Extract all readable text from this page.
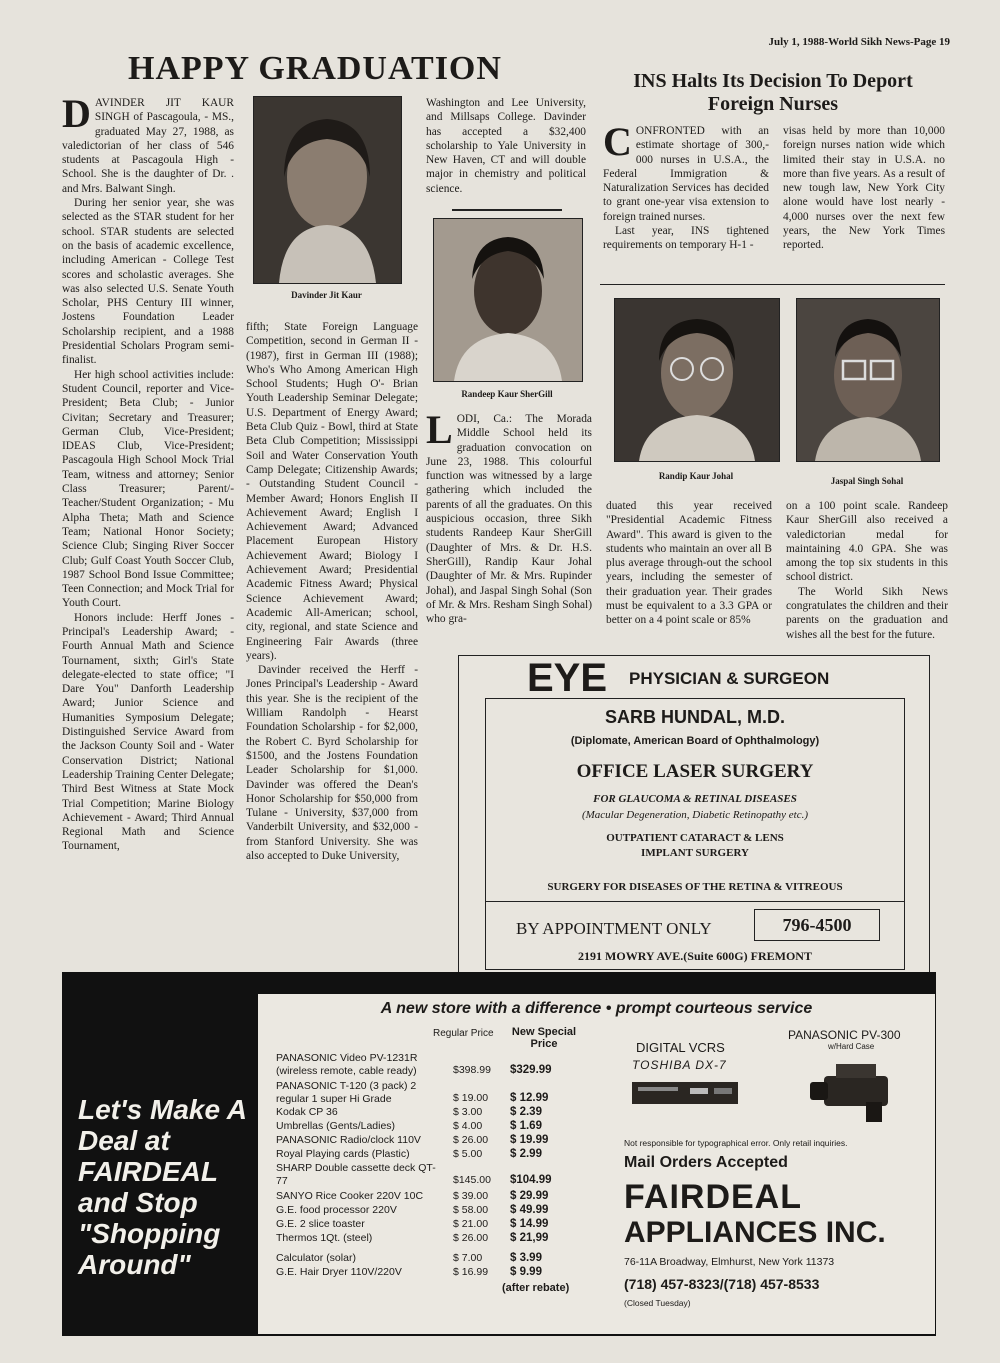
July 1, 1988-World Sikh News-Page 19
HAPPY GRADUATION
D AVINDER JIT KAUR SINGH of Pascagoula, - MS., graduated May 27, 1988, as valedictorian of her class of 546 students at Pascagoula High - School. She is the daughter of Dr. . and Mrs. Balwant Singh.

During her senior year, she was selected as the STAR student for her school. STAR students are selected on the basis of academic excellence, including American - College Test scores and scholastic averages. She was also selected U.S. Senate Youth Scholar, PHS Century III winner, Jostens Foundation Leader Scholarship recipient, and a 1988 Presidential Scholars Program semi-finalist.

Her high school activities include: Student Council, reporter and Vice-President; Beta Club; - Junior Civitan; Secretary and Treasurer; German Club, Vice-President; IDEAS Club, Vice-President; Pascagoula High School Mock Trial Team, witness and attorney; Senior Class Treasurer; Parent/- Teacher/Student Organization; - Mu Alpha Theta; Math and Science Team; National Honor Society; Science Club; Singing River Soccer Club; Gulf Coast Youth Soccer Club, 1987 School Bond Issue Committee; Teen Connection; and Mock Trial for Youth Court.

Honors include: Herff Jones - Principal's Leadership Award; - Fourth Annual Math and Science Tournament, sixth; Girl's State delegate-elected to state office; "I Dare You" Danforth Leadership Award; Junior Science and Humanities Symposium Delegate; Distinguished Service Award from the Jackson County Soil and - Water Conservation District; National Leadership Training Center Delegate; Third Best Witness at State Mock Trial Competition; Marine Biology Achievement - Award; Third Annual Regional Math and Science Tournament,

Davinder Jit Kaur

fifth; State Foreign Language Competition, second in German II - (1987), first in German III (1988); Who's Who Among American High School Students; Hugh O'- Brian Youth Leadership Seminar Delegate; U.S. Department of Energy Award; Beta Club Quiz - Bowl, third at State Beta Club Competition; Mississippi Soil and Water Conservation Youth Camp Delegate; Citizenship Awards; - Outstanding Student Council - Member Award; Honors English II Achievement Award; English I Achievement Award; Advanced Placement European History Achievement Award; Biology I Achievement Award; Presidential Academic Fitness Award; Physical Science Achievement Award; Academic All-American; school, city, regional, and state Science and Engineering Fair Awards (three years).

Davinder received the Herff - Jones Principal's Leadership - Award this year. She is the recipient of the William Randolph - Hearst Foundation Scholarship - for $2,000, the Robert C. Byrd Scholarship for $1500, and the Jostens Foundation Leader Scholarship for $1,000. Davinder was offered the Dean's Honor Scholarship for $50,000 from Tulane - University, $37,000 from Vanderbilt University, and $32,000 - from Stanford University. She was also accepted to Duke University,

Washington and Lee University, and Millsaps College. Davinder has accepted a $32,400 scholarship to Yale University in New Haven, CT and will double major in chemistry and political science.

Randeep Kaur SherGill
L ODI, Ca.: The Morada Middle School held its graduation convocation on June 23, 1988. This colourful function was witnessed by a large gathering which included the parents of all the graduates. On this auspicious occasion, three Sikh students Randeep Kaur SherGill (Daughter of Mrs. & Dr. H.S. SherGill), Randip Kaur Johal (Daughter of Mr. & Mrs. Rupinder Johal), and Jaspal Singh Sohal (Son of Mr. & Mrs. Resham Singh Sohal) who gra-

INS Halts Its Decision To Deport Foreign Nurses
C ONFRONTED with an estimate shortage of 300,- 000 nurses in U.S.A., the Federal Immigration & Naturalization Services has decided to grant one-year visa extension to foreign trained nurses.

Last year, INS tightened requirements on temporary H-1 -

visas held by more than 10,000 foreign nurses nation wide which limited their stay in U.S.A. no more than five years. As a result of new tough law, New York City alone would have lost nearly - 4,000 nurses over the next few years, the New York Times reported.

Randip Kaur Johal	Jaspal Singh Sohal

duated this year received "Presidential Academic Fitness Award". This award is given to the students who maintain an over all B plus average through-out the school years, including the semester of their graduation year. Their grades must be equivalent to a 3.3 GPA or better on a 4 point scale or 85%

on a 100 point scale. Randeep Kaur SherGill also received a valedictorian medal for maintaining 4.0 GPA. She was among the top six students in this school district.

The World Sikh News congratulates the children and their parents on the graduation and wishes all the best for the future.

EYE PHYSICIAN & SURGEON
SARB HUNDAL, M.D.
(Diplomate, American Board of Ophthalmology)
OFFICE LASER SURGERY
FOR GLAUCOMA & RETINAL DISEASES
(Macular Degeneration, Diabetic Retinopathy etc.)
OUTPATIENT CATARACT & LENS IMPLANT SURGERY
SURGERY FOR DISEASES OF THE RETINA & VITREOUS
BY APPOINTMENT ONLY	796-4500
2191 MOWRY AVE.(Suite 600G) FREMONT
Let's Make A Deal at FAIRDEAL and Stop "Shopping Around"
A new store with a difference • prompt courteous service
Regular Price	New Special Price
PANASONIC Video PV-1231R (wireless remote, cable ready)	$398.99 $329.99
PANASONIC T-120 (3 pack) 2 regular 1 super Hi Grade	$ 19.00 $ 12.99
Kodak CP 36	$ 3.00 $ 2.39
Umbrellas (Gents/Ladies)	$ 4.00 $ 1.69
PANASONIC Radio/clock 110V	$ 26.00 $ 19.99
Royal Playing cards (Plastic)	$ 5.00 $ 2.99
SHARP Double cassette deck QT-77	$145.00 $104.99
SANYO Rice Cooker 220V 10C	$ 39.00 $ 29.99
G.E. food processor 220V	$ 58.00 $ 49.99
G.E. 2 slice toaster	$ 21.00 $ 14.99
Thermos 1Qt. (steel)	$ 26.00 $ 21,99
Calculator (solar)	$ 7.00 $ 3.99
G.E. Hair Dryer 110V/220V	$ 16.99 $ 9.99
(after rebate)
DIGITAL VCRS
TOSHIBA DX-7
PANASONIC PV-300
w/Hard Case
Not responsible for typographical error. Only retail inquiries.
Mail Orders Accepted
FAIRDEAL
APPLIANCES INC.
76-11A Broadway, Elmhurst, New York 11373
(718) 457-8323/(718) 457-8533
(Closed Tuesday)
